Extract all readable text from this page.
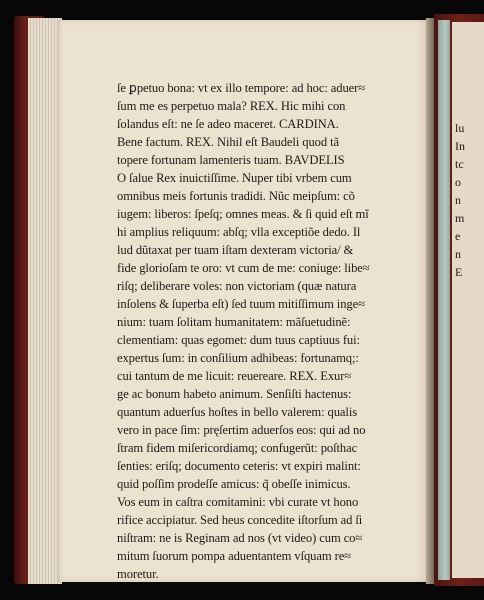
ſe ꝑpetuo bona: vt ex illo tempore: ad hoc: aduer≈
ſum me es perpetuo mala? REX. Hic mihi con
ſolandus eſt: ne ſe adeo maceret. CARDINA.
Bene factum. REX. Nihil eſt Baudeli quod tã
topere fortunam lamenteris tuam. BAVDELIS
O ſalue Rex inuictiſſime. Nuper tibi vrbem cum
omnibus meis fortunis tradidi. Nũc meipſum: cõ
iugem: liberos: ſpeſq; omnes meas. & ſi quid eſt mĩ
hi amplius reliquum: abſq; vlla exceptiõe dedo. Il
lud dũtaxat per tuam iſtam dexteram victoria/ &
fide glorioſam te oro: vt cum de me: coniuge: libe≈
riſq; deliberare voles: non victoriam (quæ natura
inſolens & ſuperba eſt) ſed tuum mitiſſimum inge≈
nium: tuam ſolitam humanitatem: mãſuetudinẽ:
clementiam: quas egomet: dum tuus captiuus fui:
expertus ſum: in conſilium adhibeas: fortunamq;:
cui tantum de me licuit: reuereare. REX. Exur≈
ge ac bonum habeto animum. Senſiſti hactenus:
quantum aduerſus hoſtes in bello valerem: qualis
vero in pace ſim: pręſertim aduerſos eos: qui ad no
ſtram fidem miſericordiamq; confugerũt: poſthac
ſenties: eriſq; documento ceteris: vt expiri malint:
quid poſſim prodeſſe amicus: q̃ obeſſe inimicus.
Vos eum in caſtra comitamini: vbi curate vt hono
rifice accipiatur. Sed heus concedite iſtorſum ad ſi
niſtram: ne is Reginam ad nos (vt video) cum co≈
mitum ſuorum pompa aduentantem vſquam re≈
moretur.
lu
In
tc
o
n
m
e
n
E
